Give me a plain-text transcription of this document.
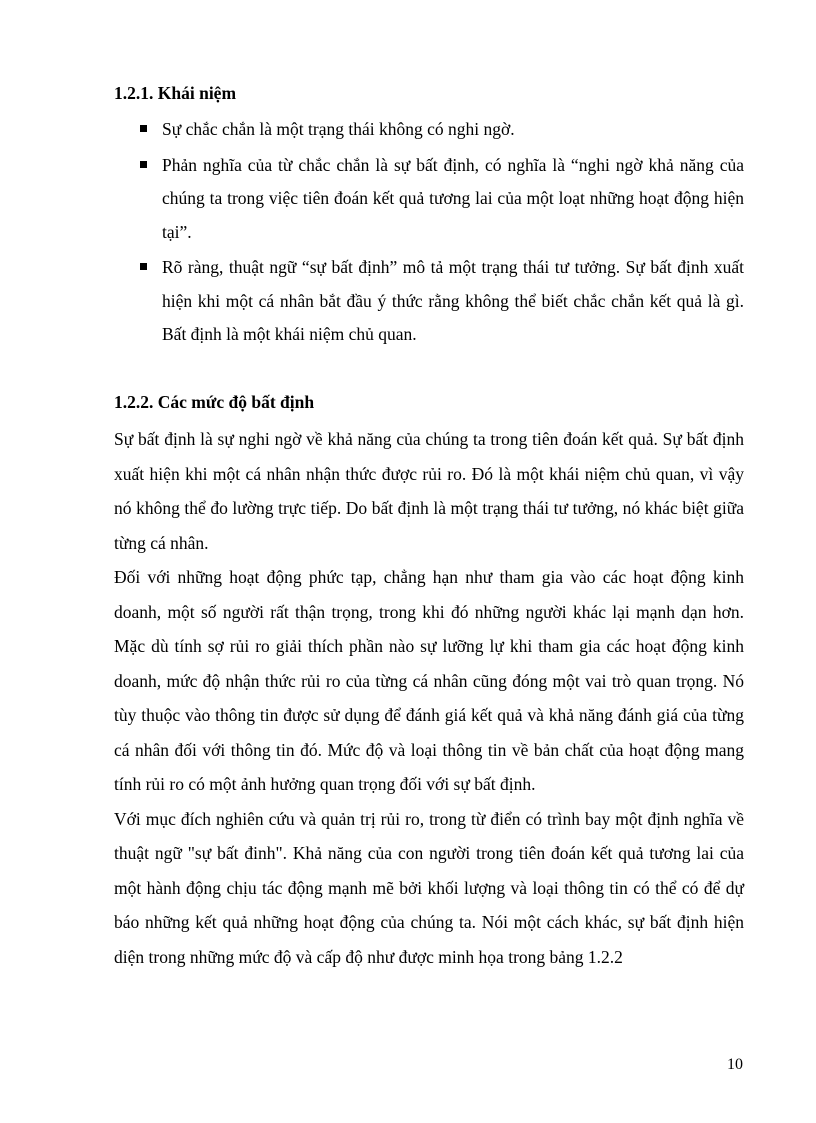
1.2.1. Khái niệm
Sự chắc chắn là một trạng thái không có nghi ngờ.
Phản nghĩa của từ chắc chắn là sự bất định, có nghĩa là “nghi ngờ khả năng của chúng ta trong việc tiên đoán kết quả tương lai của một loạt những hoạt động hiện tại”.
Rõ ràng, thuật ngữ “sự bất định” mô tả một trạng thái tư tưởng. Sự bất định xuất hiện khi một cá nhân bắt đầu ý thức rằng không thể biết chắc chắn kết quả là gì. Bất định là một khái niệm chủ quan.
1.2.2. Các mức độ bất định

Sự bất định là sự nghi ngờ về khả năng của chúng ta trong tiên đoán kết quả. Sự bất định xuất hiện khi một cá nhân nhận thức được rủi ro. Đó là một khái niệm chủ quan, vì vậy nó không thể đo lường trực tiếp. Do bất định là một trạng thái tư tưởng, nó khác biệt giữa từng cá nhân.

Đối với những hoạt động phức tạp, chẳng hạn như tham gia vào các hoạt động kinh doanh, một số người rất thận trọng, trong khi đó những người khác lại mạnh dạn hơn. Mặc dù tính sợ rủi ro giải thích phần nào sự lưỡng lự khi tham gia các hoạt động kinh doanh, mức độ nhận thức rủi ro của từng cá nhân cũng đóng một vai trò quan trọng. Nó tùy thuộc vào thông tin được sử dụng để đánh giá kết quả và khả năng đánh giá của từng cá nhân đối với thông tin đó. Mức độ và loại thông tin về bản chất của hoạt động mang tính rủi ro có một ảnh hưởng quan trọng đối với sự bất định.

Với mục đích nghiên cứu và quản trị rủi ro, trong từ điển có trình bay một định nghĩa về thuật ngữ "sự bất đinh". Khả năng của con người trong tiên đoán kết quả tương lai của một hành động chịu tác động mạnh mẽ bởi khối lượng và loại thông tin có thể có để dự báo những kết quả những hoạt động của chúng ta. Nói một cách khác, sự bất định hiện diện trong những mức độ và cấp độ như được minh họa trong bảng 1.2.2

10
